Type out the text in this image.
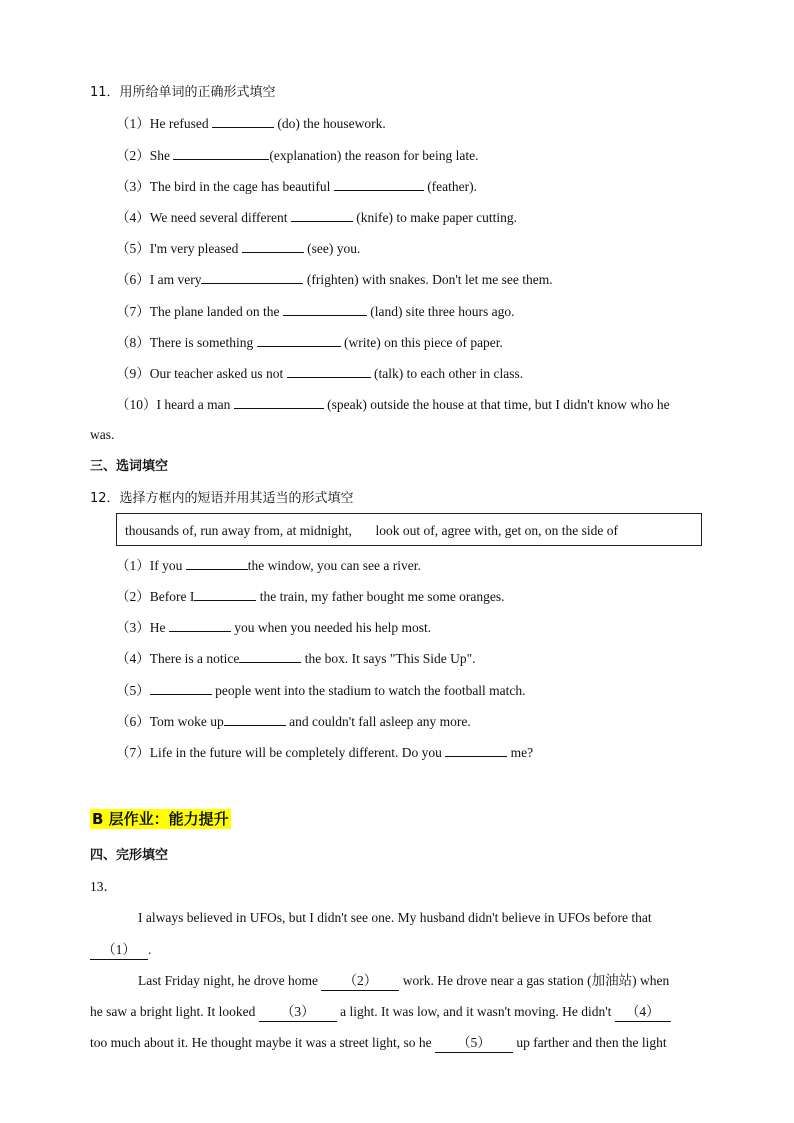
11．用所给单词的正确形式填空
（1）He refused	(do) the housework.
（2）She	(explanation) the reason for being late.
（3）The bird in the cage has beautiful	(feather).
（4）We need several different	(knife) to make paper cutting.
（5）I'm very pleased	(see) you.
（6）I am very	(frighten) with snakes. Don't let me see them.
（7）The plane landed on the	(land) site three hours ago.
（8）There is something	(write) on this piece of paper.
（9）Our teacher asked us not	(talk) to each other in class.
（10）I heard a man	(speak) outside the house at that time, but I didn't know who he
was.
三、选词填空
12．选择方框内的短语并用其适当的形式填空
thousands of, run away from, at midnight,       look out of, agree with, get on, on the side of
（1）If you	the window, you can see a river.
（2）Before I	the train, my father bought me some oranges.
（3）He	you when you needed his help most.
（4）There is a notice	the box. It says "This Side Up".
（5）	people went into the stadium to watch the football match.
（6）Tom woke up	and couldn't fall asleep any more.
（7）Life in the future will be completely different. Do you	me?
B 层作业：能力提升
四、完形填空
13．
I always believed in UFOs, but I didn't see one. My husband didn't believe in UFOs before that
（1） .
Last Friday night, he drove home （2） work. He drove near a gas station (加油站) when
he saw a bright light. It looked （3） a light. It was low, and it wasn't moving. He didn't （4）
too much about it. He thought maybe it was a street light, so he （5） up farther and then the light
